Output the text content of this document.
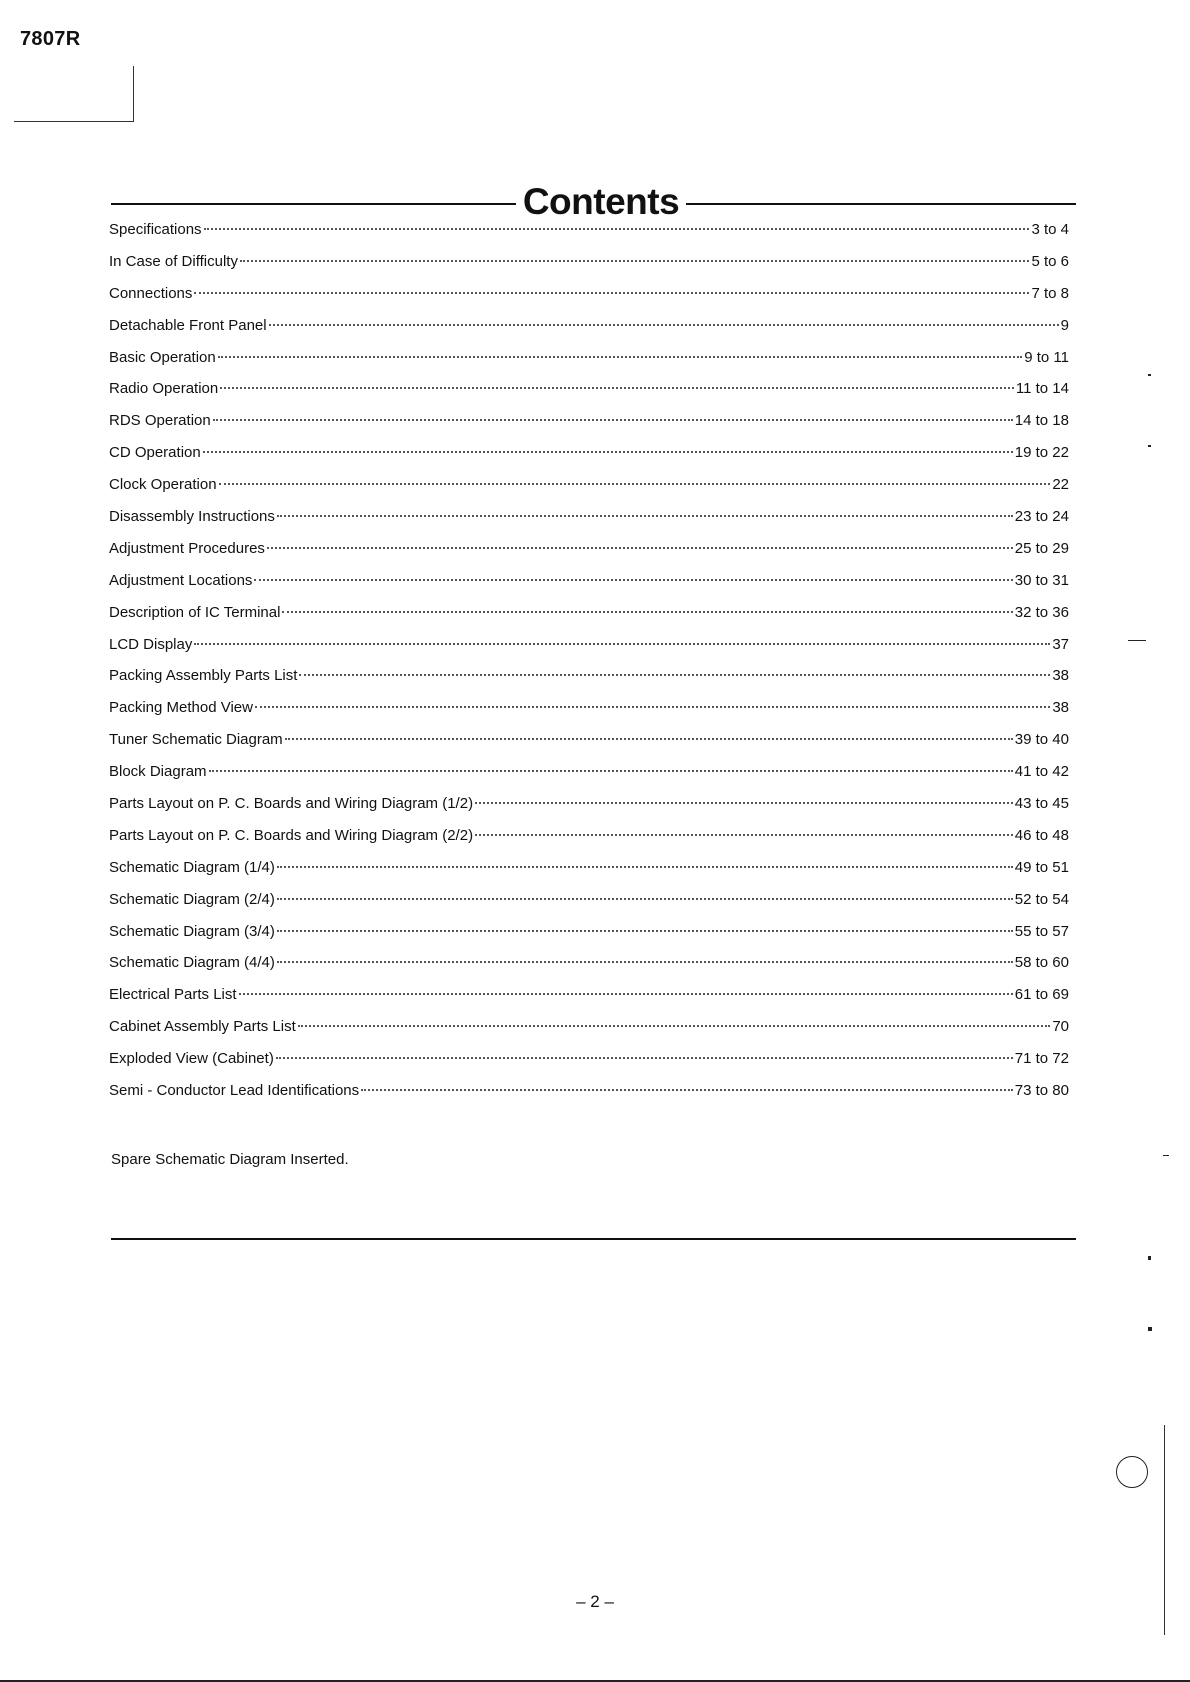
7807R
Contents
Specifications	3 to 4
In Case of Difficulty	5 to 6
Connections	7 to 8
Detachable Front Panel	9
Basic Operation	9 to 11
Radio Operation	11 to 14
RDS Operation	14 to 18
CD Operation	19 to 22
Clock Operation	22
Disassembly Instructions	23 to 24
Adjustment Procedures	25 to 29
Adjustment Locations	30 to 31
Description of IC Terminal	32 to 36
LCD Display	37
Packing Assembly Parts List	38
Packing Method View	38
Tuner Schematic Diagram	39 to 40
Block Diagram	41 to 42
Parts Layout on P. C. Boards and Wiring Diagram (1/2)	43 to 45
Parts Layout on P. C. Boards and Wiring Diagram (2/2)	46 to 48
Schematic Diagram (1/4)	49 to 51
Schematic Diagram (2/4)	52 to 54
Schematic Diagram (3/4)	55 to 57
Schematic Diagram (4/4)	58 to 60
Electrical Parts List	61 to 69
Cabinet Assembly Parts List	70
Exploded View (Cabinet)	71 to 72
Semi - Conductor Lead Identifications	73 to 80
Spare Schematic Diagram Inserted.
– 2 –
